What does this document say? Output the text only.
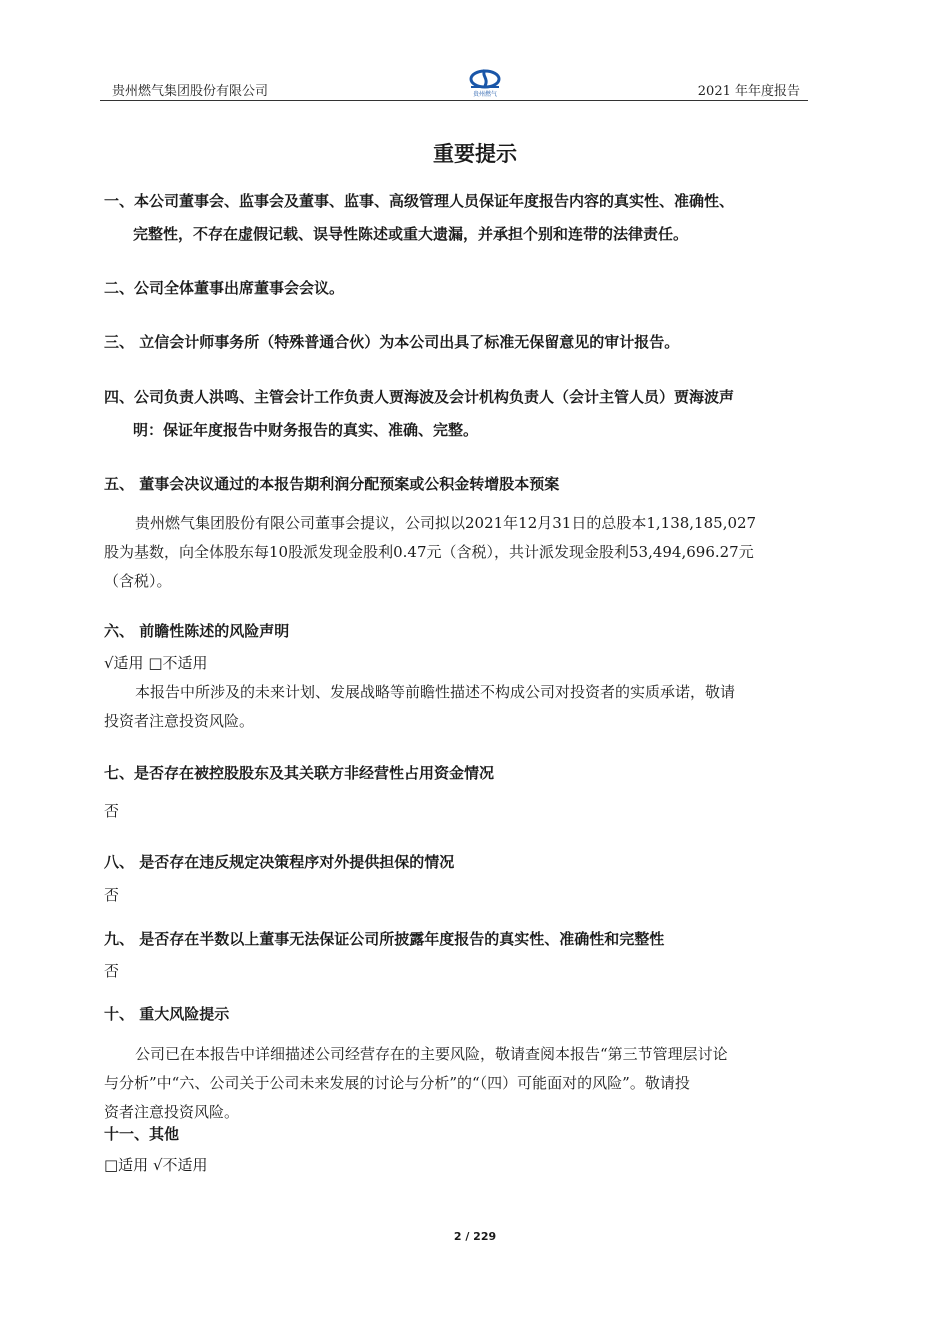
贵州燃气集团股份有限公司	贵州燃气	2021 年年度报告
重要提示
一、本公司董事会、监事会及董事、监事、高级管理人员保证年度报告内容的真实性、准确性、
完整性，不存在虚假记载、误导性陈述或重大遗漏，并承担个别和连带的法律责任。
二、公司全体董事出席董事会会议。
三、 立信会计师事务所（特殊普通合伙）为本公司出具了标准无保留意见的审计报告。
四、公司负责人洪鸣、主管会计工作负责人贾海波及会计机构负责人（会计主管人员）贾海波声
明：保证年度报告中财务报告的真实、准确、完整。
五、 董事会决议通过的本报告期利润分配预案或公积金转增股本预案
贵州燃气集团股份有限公司董事会提议，公司拟以2021年12月31日的总股本1,138,185,027
股为基数，向全体股东每10股派发现金股利0.47元（含税），共计派发现金股利53,494,696.27元
（含税）。
六、 前瞻性陈述的风险声明
√适用 □不适用
本报告中所涉及的未来计划、发展战略等前瞻性描述不构成公司对投资者的实质承诺，敬请
投资者注意投资风险。
七、是否存在被控股股东及其关联方非经营性占用资金情况
否
八、 是否存在违反规定决策程序对外提供担保的情况
否
九、 是否存在半数以上董事无法保证公司所披露年度报告的真实性、准确性和完整性
否
十、 重大风险提示
公司已在本报告中详细描述公司经营存在的主要风险，敬请查阅本报告“第三节管理层讨论
与分析”中“六、公司关于公司未来发展的讨论与分析”的“（四）可能面对的风险”。敬请投
资者注意投资风险。
十一、其他
□适用 √不适用
2 / 229
